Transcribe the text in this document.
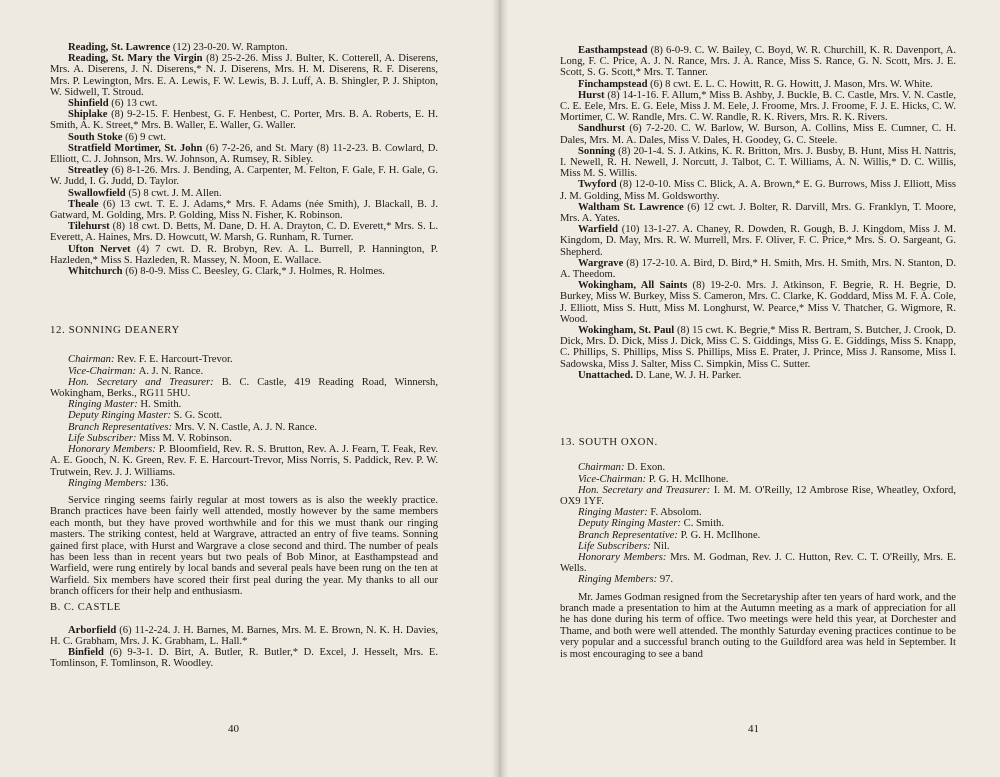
Reading, St. Lawrence (12) 23-0-20. W. Rampton.

Reading, St. Mary the Virgin (8) 25-2-26. Miss J. Bulter, K. Cotterell, A. Diserens, Mrs. A. Diserens, J. N. Diserens,* N. J. Diserens, Mrs. H. M. Diserens, R. F. Diserens, Mrs. P. Lewington, Mrs. E. A. Lewis, F. W. Lewis, B. J. Luff, A. B. Shingler, P. J. Shipton, W. Sidwell, T. Stroud.

Shinfield (6) 13 cwt.

Shiplake (8) 9-2-15. F. Henbest, G. F. Henbest, C. Porter, Mrs. B. A. Roberts, E. H. Smith, A. K. Street,* Mrs. B. Waller, E. Waller, G. Waller.

South Stoke (6) 9 cwt.

Stratfield Mortimer, St. John (6) 7-2-26, and St. Mary (8) 11-2-23. B. Cowlard, D. Elliott, C. J. Johnson, Mrs. W. Johnson, A. Rumsey, R. Sibley.

Streatley (6) 8-1-26. Mrs. J. Bending, A. Carpenter, M. Felton, F. Gale, F. H. Gale, G. W. Judd, I. G. Judd, D. Taylor.

Swallowfield (5) 8 cwt. J. M. Allen.

Theale (6) 13 cwt. T. E. J. Adams,* Mrs. F. Adams (née Smith), J. Blackall, B. J. Gatward, M. Golding, Mrs. P. Golding, Miss N. Fisher, K. Robinson.

Tilehurst (8) 18 cwt. D. Betts, M. Dane, D. H. A. Drayton, C. D. Everett,* Mrs. S. L. Everett, A. Haines, Mrs. D. Howcutt, W. Marsh, G. Runham, R. Turner.

Ufton Nervet (4) 7 cwt. D. R. Brobyn, Rev. A. L. Burrell, P. Hannington, P. Hazleden,* Miss S. Hazleden, R. Massey, N. Moon, E. Wallace.

Whitchurch (6) 8-0-9. Miss C. Beesley, G. Clark,* J. Holmes, R. Holmes.

12. SONNING DEANERY

Chairman: Rev. F. E. Harcourt-Trevor.

Vice-Chairman: A. J. N. Rance.

Hon. Secretary and Treasurer: B. C. Castle, 419 Reading Road, Winnersh, Wokingham, Berks., RG11 5HU.

Ringing Master: H. Smith.

Deputy Ringing Master: S. G. Scott.

Branch Representatives: Mrs. V. N. Castle, A. J. N. Rance.

Life Subscriber: Miss M. V. Robinson.

Honorary Members: P. Bloomfield, Rev. R. S. Brutton, Rev. A. J. Fearn, T. Feak, Rev. A. E. Gooch, N. K. Green, Rev. F. E. Harcourt-Trevor, Miss Norris, S. Paddick, Rev. P. W. Trutwein, Rev. J. J. Williams.

Ringing Members: 136.

Service ringing seems fairly regular at most towers as is also the weekly practice. Branch practices have been fairly well attended, mostly however by the same members each month, but they have proved worthwhile and for this we must thank our ringing masters. The striking contest, held at Wargrave, attracted an entry of five teams. Sonning gained first place, with Hurst and Wargrave a close second and third. The number of peals has been less than in recent years but two peals of Bob Minor, at Easthampstead and Warfield, were rung entirely by local bands and several peals have been rung on the ten at Warfield. Six members have scored their first peal during the year. My thanks to all our branch officers for their help and enthusiasm.

B. C. CASTLE

Arborfield (6) 11-2-24. J. H. Barnes, M. Barnes, Mrs. M. E. Brown, N. K. H. Davies, H. C. Grabham, Mrs. J. K. Grabham, L. Hall.*

Binfield (6) 9-3-1. D. Birt, A. Butler, R. Butler,* D. Excel, J. Hesselt, Mrs. E. Tomlinson, F. Tomlinson, R. Woodley.

40

Easthampstead (8) 6-0-9. C. W. Bailey, C. Boyd, W. R. Churchill, K. R. Davenport, A. Long, F. C. Price, A. J. N. Rance, Mrs. J. A. Rance, Miss S. Rance, G. N. Scott, Mrs. J. E. Scott, S. G. Scott,* Mrs. T. Tanner.

Finchampstead (6) 8 cwt. E. L. C. Howitt, R. G. Howitt, J. Mason, Mrs. W. White.

Hurst (8) 14-1-16. F. Allum,* Miss B. Ashby, J. Buckle, B. C. Castle, Mrs. V. N. Castle, C. E. Eele, Mrs. E. G. Eele, Miss J. M. Eele, J. Froome, Mrs. J. Froome, F. J. E. Hicks, C. W. Mortimer, C. W. Randle, Mrs. C. W. Randle, R. K. Rivers, Mrs. R. K. Rivers.

Sandhurst (6) 7-2-20. C. W. Barlow, W. Burson, A. Collins, Miss E. Cumner, C. H. Dales, Mrs. M. A. Dales, Miss V. Dales, H. Goodey, G. C. Steele.

Sonning (8) 20-1-4. S. J. Atkins, K. R. Britton, Mrs. J. Busby, B. Hunt, Miss H. Nattris, I. Newell, R. H. Newell, J. Norcutt, J. Talbot, C. T. Williams, A. N. Willis,* D. C. Willis, Miss M. S. Willis.

Twyford (8) 12-0-10. Miss C. Blick, A. A. Brown,* E. G. Burrows, Miss J. Elliott, Miss J. M. Golding, Miss M. Goldsworthy.

Waltham St. Lawrence (6) 12 cwt. J. Bolter, R. Darvill, Mrs. G. Franklyn, T. Moore, Mrs. A. Yates.

Warfield (10) 13-1-27. A. Chaney, R. Dowden, R. Gough, B. J. Kingdom, Miss J. M. Kingdom, D. May, Mrs. R. W. Murrell, Mrs. F. Oliver, F. C. Price,* Mrs. S. O. Sargeant, G. Shepherd.

Wargrave (8) 17-2-10. A. Bird, D. Bird,* H. Smith, Mrs. H. Smith, Mrs. N. Stanton, D. A. Theedom.

Wokingham, All Saints (8) 19-2-0. Mrs. J. Atkinson, F. Begrie, R. H. Begrie, D. Burkey, Miss W. Burkey, Miss S. Cameron, Mrs. C. Clarke, K. Goddard, Miss M. F. A. Cole, J. Elliott, Miss S. Hutt, Miss M. Longhurst, W. Pearce,* Miss V. Thatcher, G. Wigmore, R. Wood.

Wokingham, St. Paul (8) 15 cwt. K. Begrie,* Miss R. Bertram, S. Butcher, J. Crook, D. Dick, Mrs. D. Dick, Miss J. Dick, Miss C. S. Giddings, Miss G. E. Giddings, Miss S. Knapp, C. Phillips, S. Phillips, Miss S. Phillips, Miss E. Prater, J. Prince, Miss J. Ransome, Miss I. Sadowska, Miss J. Salter, Miss C. Simpkin, Miss C. Sutter.

Unattached. D. Lane, W. J. H. Parker.

13. SOUTH OXON.

Chairman: D. Exon.

Vice-Chairman: P. G. H. McIlhone.

Hon. Secretary and Treasurer: I. M. M. O'Reilly, 12 Ambrose Rise, Wheatley, Oxford, OX9 1YF.

Ringing Master: F. Absolom.

Deputy Ringing Master: C. Smith.

Branch Representative: P. G. H. McIlhone.

Life Subscribers: Nil.

Honorary Members: Mrs. M. Godman, Rev. J. C. Hutton, Rev. C. T. O'Reilly, Mrs. E. Wells.

Ringing Members: 97.

Mr. James Godman resigned from the Secretaryship after ten years of hard work, and the branch made a presentation to him at the Autumn meeting as a mark of appreciation for all he has done during his term of office. Two meetings were held this year, at Dorchester and Thame, and both were well attended. The monthly Saturday evening practices continue to be very popular and a successful branch outing to the Guildford area was held in September. It is most encouraging to see a band

41
